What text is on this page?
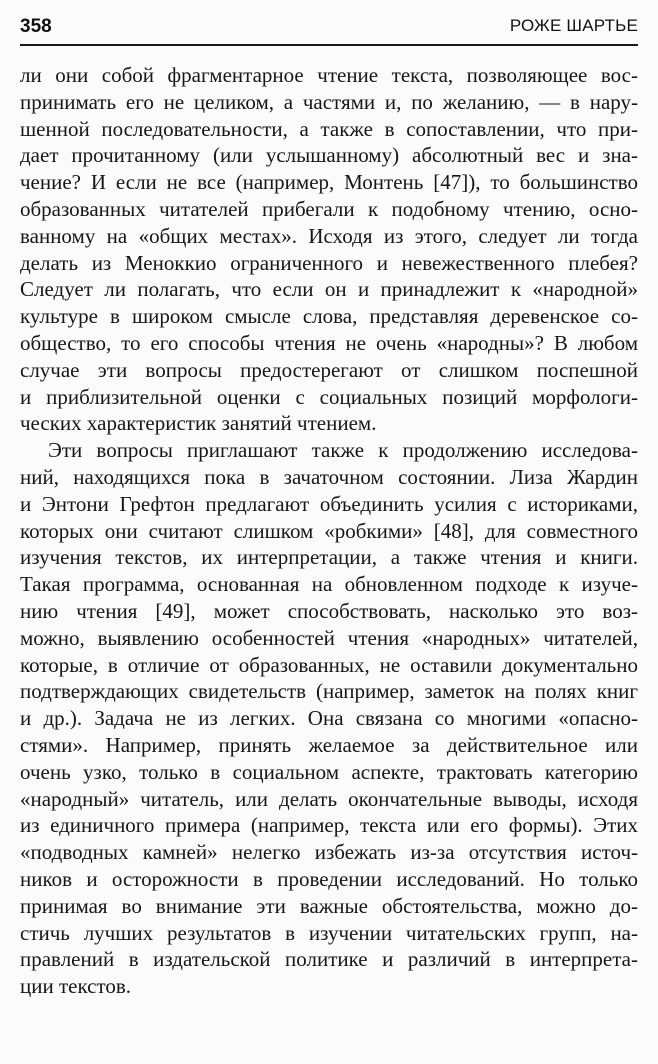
358	РОЖЕ ШАРТЬЕ
ли они собой фрагментарное чтение текста, позволяющее вос-
принимать его не целиком, а частями и, по желанию, — в нару-
шенной последовательности, а также в сопоставлении, что при-
дает прочитанному (или услышанному) абсолютный вес и зна-
чение? И если не все (например, Монтень [47]), то большинство
образованных читателей прибегали к подобному чтению, осно-
ванному на «общих местах». Исходя из этого, следует ли тогда
делать из Меноккио ограниченного и невежественного плебея?
Следует ли полагать, что если он и принадлежит к «народной»
культуре в широком смысле слова, представляя деревенское со-
общество, то его способы чтения не очень «народны»? В любом
случае эти вопросы предостерегают от слишком поспешной
и приблизительной оценки с социальных позиций морфологи-
ческих характеристик занятий чтением.
Эти вопросы приглашают также к продолжению исследова-
ний, находящихся пока в зачаточном состоянии. Лиза Жардин
и Энтони Грефтон предлагают объединить усилия с историками,
которых они считают слишком «робкими» [48], для совместного
изучения текстов, их интерпретации, а также чтения и книги.
Такая программа, основанная на обновленном подходе к изуче-
нию чтения [49], может способствовать, насколько это воз-
можно, выявлению особенностей чтения «народных» читателей,
которые, в отличие от образованных, не оставили документально
подтверждающих свидетельств (например, заметок на полях книг
и др.). Задача не из легких. Она связана со многими «опасно-
стями». Например, принять желаемое за действительное или
очень узко, только в социальном аспекте, трактовать категорию
«народный» читатель, или делать окончательные выводы, исходя
из единичного примера (например, текста или его формы). Этих
«подводных камней» нелегко избежать из-за отсутствия источ-
ников и осторожности в проведении исследований. Но только
принимая во внимание эти важные обстоятельства, можно до-
стичь лучших результатов в изучении читательских групп, на-
правлений в издательской политике и различий в интерпрета-
ции текстов.
